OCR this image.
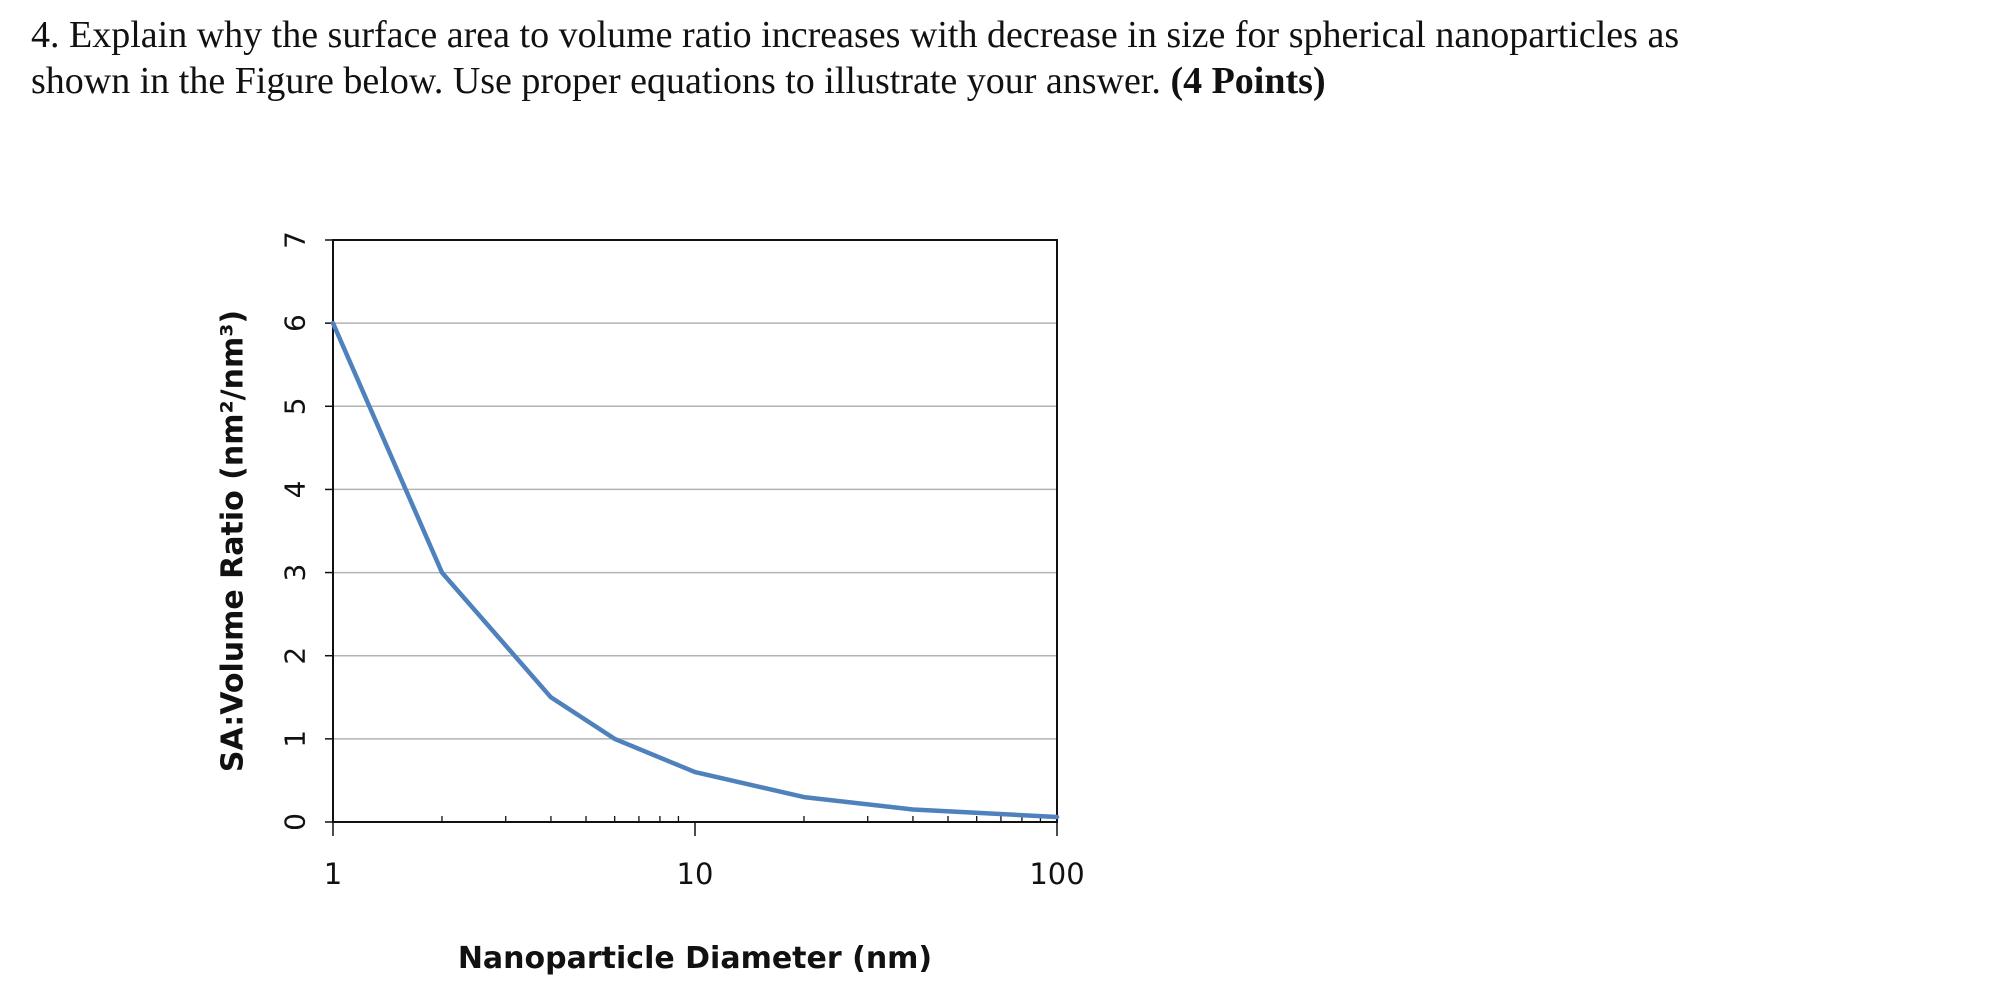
4. Explain why the surface area to volume ratio increases with decrease in size for spherical nanoparticles as
shown in the Figure below. Use proper equations to illustrate your answer. (4 Points)
0
1
2
3
4
5
6
7
1	10	100
Nanoparticle Diameter (nm)
SA:Volume Ratio (nm²/nm³)
